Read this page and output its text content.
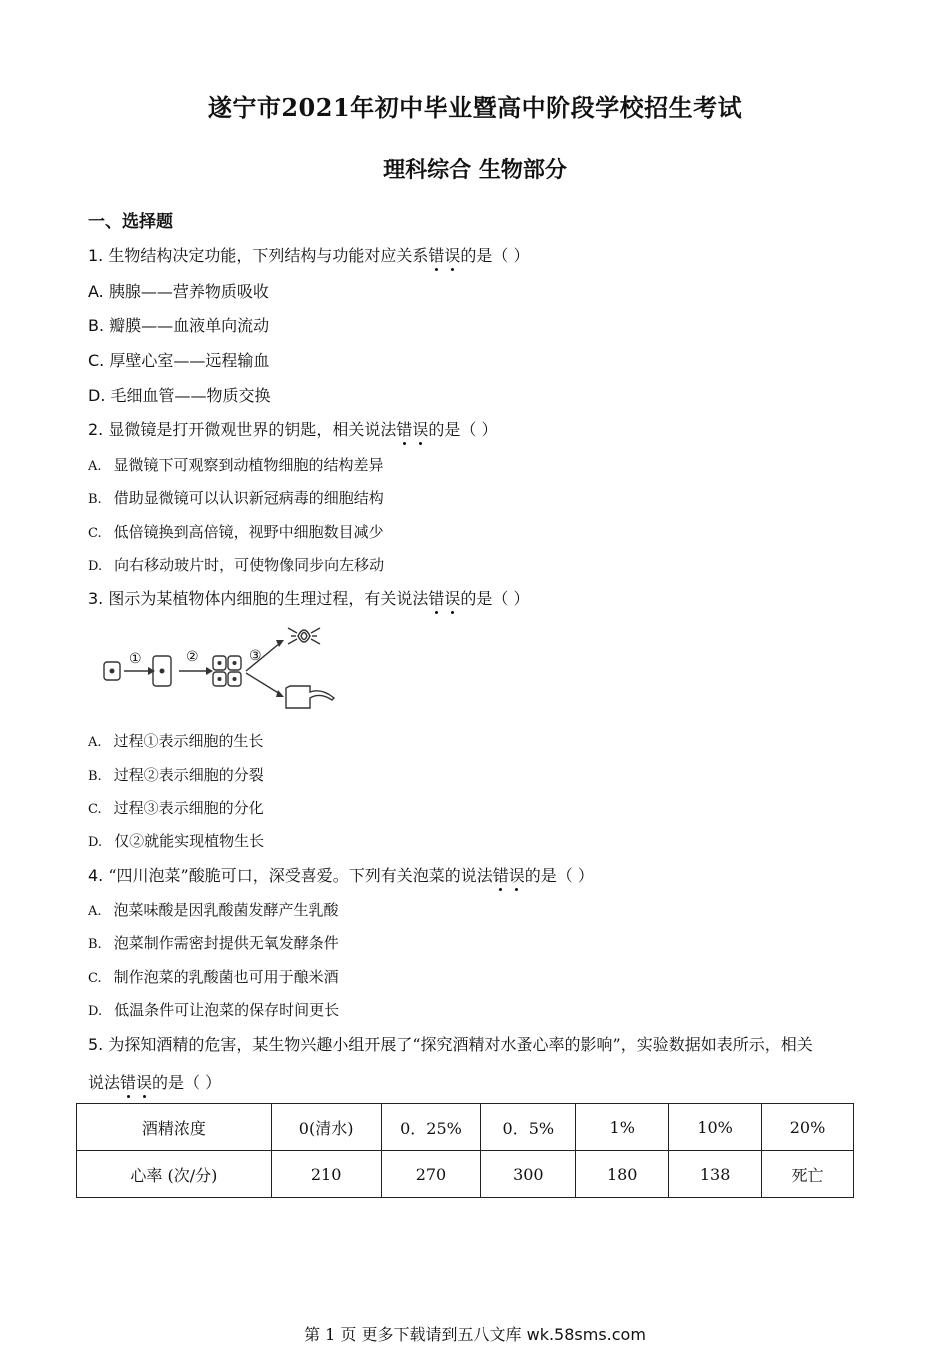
遂宁市2021年初中毕业暨高中阶段学校招生考试
理科综合 生物部分
一、选择题
1. 生物结构决定功能，下列结构与功能对应关系错误的是（ ）
A. 胰腺——营养物质吸收
B. 瓣膜——血液单向流动
C. 厚壁心室——远程输血
D. 毛细血管——物质交换
2. 显微镜是打开微观世界的钥匙，相关说法错误的是（ ）
A. 显微镜下可观察到动植物细胞的结构差异
B. 借助显微镜可以认识新冠病毒的细胞结构
C. 低倍镜换到高倍镜，视野中细胞数目减少
D. 向右移动玻片时，可使物像同步向左移动
3. 图示为某植物体内细胞的生理过程，有关说法错误的是（ ）
①	②	③
A. 过程①表示细胞的生长
B. 过程②表示细胞的分裂
C. 过程③表示细胞的分化
D. 仅②就能实现植物生长
4. “四川泡菜”酸脆可口，深受喜爱。下列有关泡菜的说法错误的是（ ）
A. 泡菜味酸是因乳酸菌发酵产生乳酸
B. 泡菜制作需密封提供无氧发酵条件
C. 制作泡菜的乳酸菌也可用于酿米酒
D. 低温条件可让泡菜的保存时间更长
5. 为探知酒精的危害，某生物兴趣小组开展了“探究酒精对水蚤心率的影响”，实验数据如表所示，相关
说法错误的是（ ）
酒精浓度	0(清水)	0．25%	0．5%	1%	10%	20%
心率 (次/分)	210	270	300	180	138	死亡
第 1 页 更多下载请到五八文库 wk.58sms.com
